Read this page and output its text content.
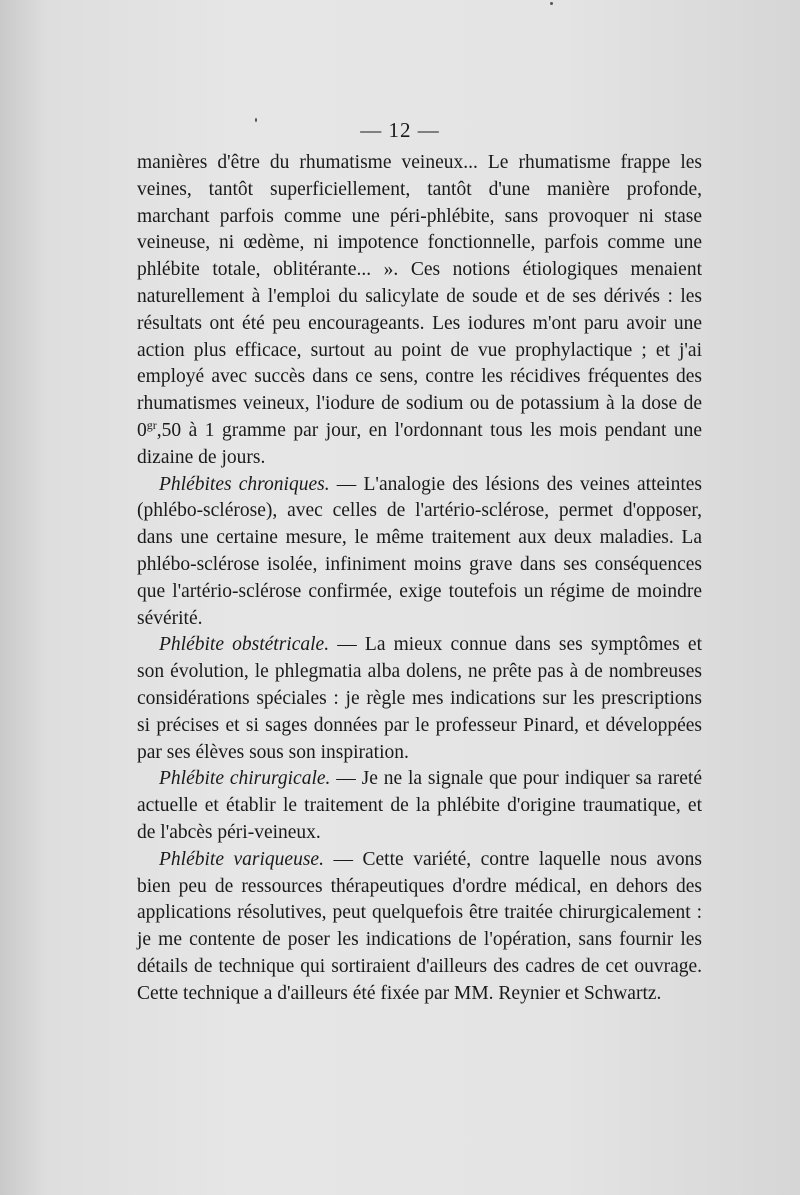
— 12 —

manières d'être du rhumatisme veineux... Le rhumatisme frappe les veines, tantôt superficiellement, tantôt d'une manière profonde, marchant parfois comme une péri-phlébite, sans provoquer ni stase veineuse, ni œdème, ni impotence fonctionnelle, parfois comme une phlébite totale, oblitérante... ». Ces notions étiologiques menaient naturellement à l'emploi du salicylate de soude et de ses dérivés : les résultats ont été peu encourageants. Les iodures m'ont paru avoir une action plus efficace, surtout au point de vue prophylactique ; et j'ai employé avec succès dans ce sens, contre les récidives fréquentes des rhumatismes veineux, l'iodure de sodium ou de potassium à la dose de $0^{gr},50$ à 1 gramme par jour, en l'ordonnant tous les mois pendant une dizaine de jours.

Phlébites chroniques. — L'analogie des lésions des veines atteintes (phlébo-sclérose), avec celles de l'artério-sclérose, permet d'opposer, dans une certaine mesure, le même traitement aux deux maladies. La phlébo-sclérose isolée, infiniment moins grave dans ses conséquences que l'artério-sclérose confirmée, exige toutefois un régime de moindre sévérité.

Phlébite obstétricale. — La mieux connue dans ses symptômes et son évolution, le phlegmatia alba dolens, ne prête pas à de nombreuses considérations spéciales : je règle mes indications sur les prescriptions si précises et si sages données par le professeur Pinard, et développées par ses élèves sous son inspiration.

Phlébite chirurgicale. — Je ne la signale que pour indiquer sa rareté actuelle et établir le traitement de la phlébite d'origine traumatique, et de l'abcès péri-veineux.

Phlébite variqueuse. — Cette variété, contre laquelle nous avons bien peu de ressources thérapeutiques d'ordre médical, en dehors des applications résolutives, peut quelquefois être traitée chirurgicalement : je me contente de poser les indications de l'opération, sans fournir les détails de technique qui sortiraient d'ailleurs des cadres de cet ouvrage. Cette technique a d'ailleurs été fixée par MM. Reynier et Schwartz.
